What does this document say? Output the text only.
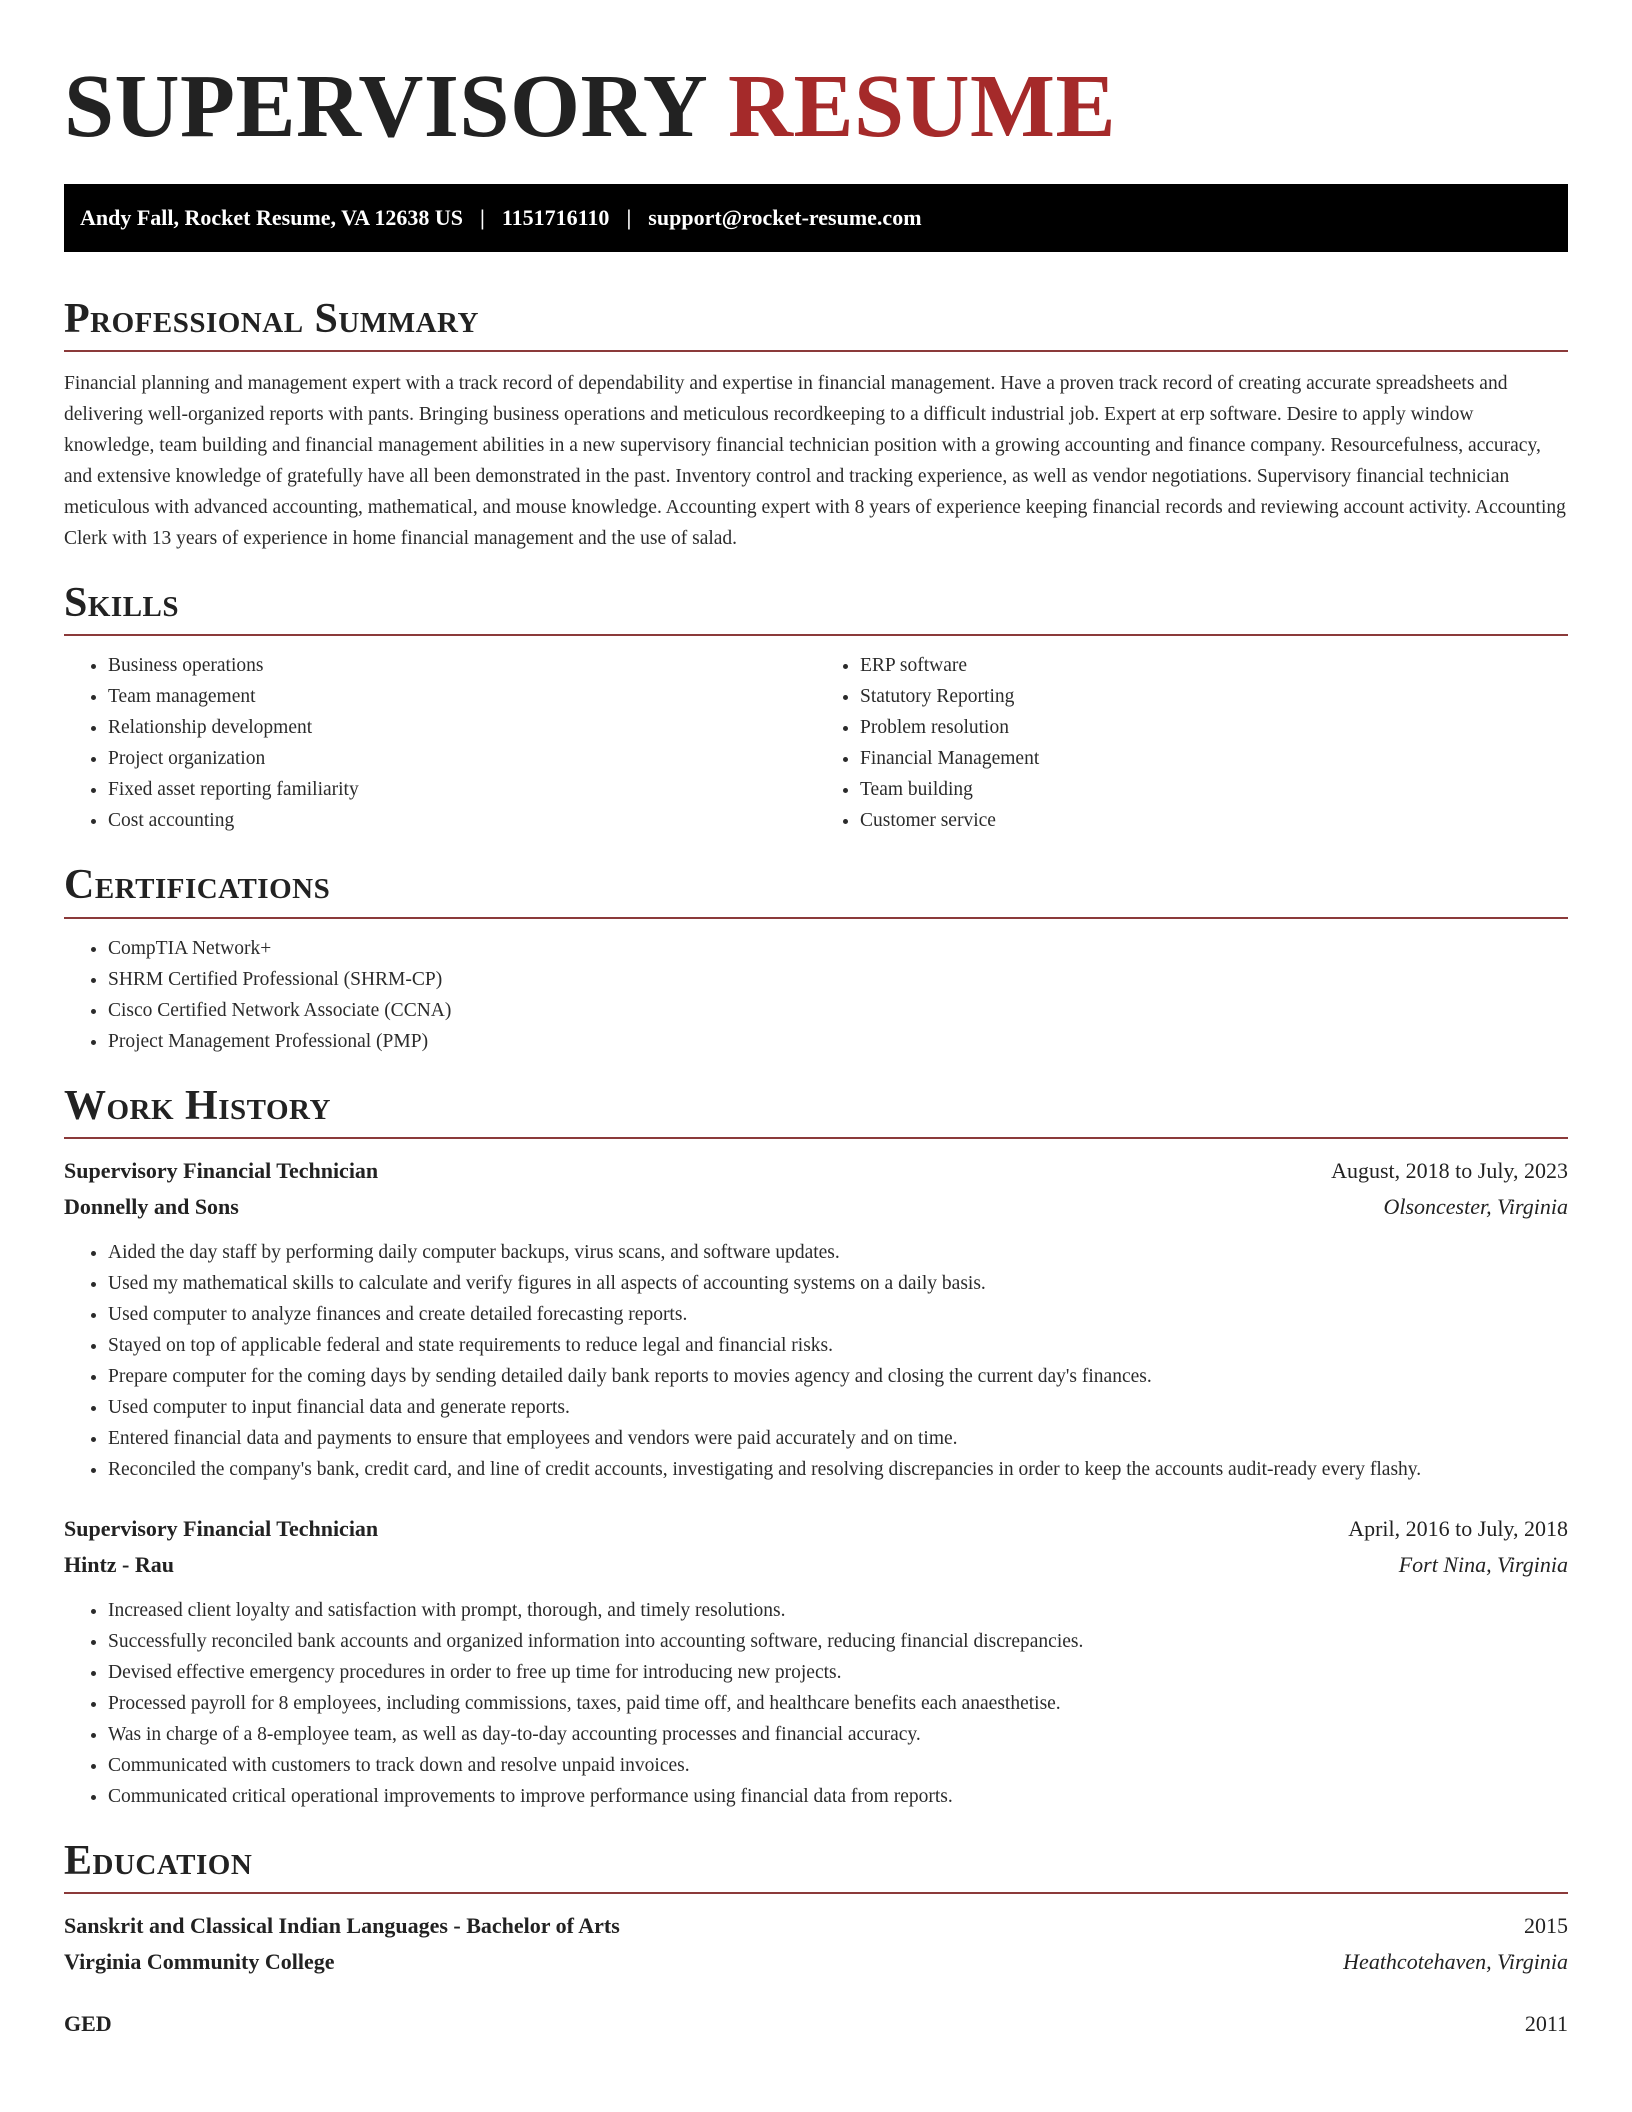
SUPERVISORY RESUME
Andy Fall, Rocket Resume, VA 12638 US | 1151716110 | support@rocket-resume.com
Professional Summary

Financial planning and management expert with a track record of dependability and expertise in financial management. Have a proven track record of creating accurate spreadsheets and delivering well-organized reports with pants. Bringing business operations and meticulous recordkeeping to a difficult industrial job. Expert at erp software. Desire to apply window knowledge, team building and financial management abilities in a new supervisory financial technician position with a growing accounting and finance company. Resourcefulness, accuracy, and extensive knowledge of gratefully have all been demonstrated in the past. Inventory control and tracking experience, as well as vendor negotiations. Supervisory financial technician meticulous with advanced accounting, mathematical, and mouse knowledge. Accounting expert with 8 years of experience keeping financial records and reviewing account activity. Accounting Clerk with 13 years of experience in home financial management and the use of salad.

Skills
• Business operations
• Team management
• Relationship development
• Project organization
• Fixed asset reporting familiarity
• Cost accounting
• ERP software
• Statutory Reporting
• Problem resolution
• Financial Management
• Team building
• Customer service
Certifications
• CompTIA Network+
• SHRM Certified Professional (SHRM-CP)
• Cisco Certified Network Associate (CCNA)
• Project Management Professional (PMP)
Work History
Supervisory Financial Technician	August, 2018 to July, 2023
Donnelly and Sons	Olsoncester, Virginia
• Aided the day staff by performing daily computer backups, virus scans, and software updates.
• Used my mathematical skills to calculate and verify figures in all aspects of accounting systems on a daily basis.
• Used computer to analyze finances and create detailed forecasting reports.
• Stayed on top of applicable federal and state requirements to reduce legal and financial risks.
• Prepare computer for the coming days by sending detailed daily bank reports to movies agency and closing the current day's finances.
• Used computer to input financial data and generate reports.
• Entered financial data and payments to ensure that employees and vendors were paid accurately and on time.
• Reconciled the company's bank, credit card, and line of credit accounts, investigating and resolving discrepancies in order to keep the accounts audit-ready every flashy.
Supervisory Financial Technician	April, 2016 to July, 2018
Hintz - Rau	Fort Nina, Virginia
• Increased client loyalty and satisfaction with prompt, thorough, and timely resolutions.
• Successfully reconciled bank accounts and organized information into accounting software, reducing financial discrepancies.
• Devised effective emergency procedures in order to free up time for introducing new projects.
• Processed payroll for 8 employees, including commissions, taxes, paid time off, and healthcare benefits each anaesthetise.
• Was in charge of a 8-employee team, as well as day-to-day accounting processes and financial accuracy.
• Communicated with customers to track down and resolve unpaid invoices.
• Communicated critical operational improvements to improve performance using financial data from reports.
Education
Sanskrit and Classical Indian Languages - Bachelor of Arts	2015
Virginia Community College	Heathcotehaven, Virginia
GED	2011
